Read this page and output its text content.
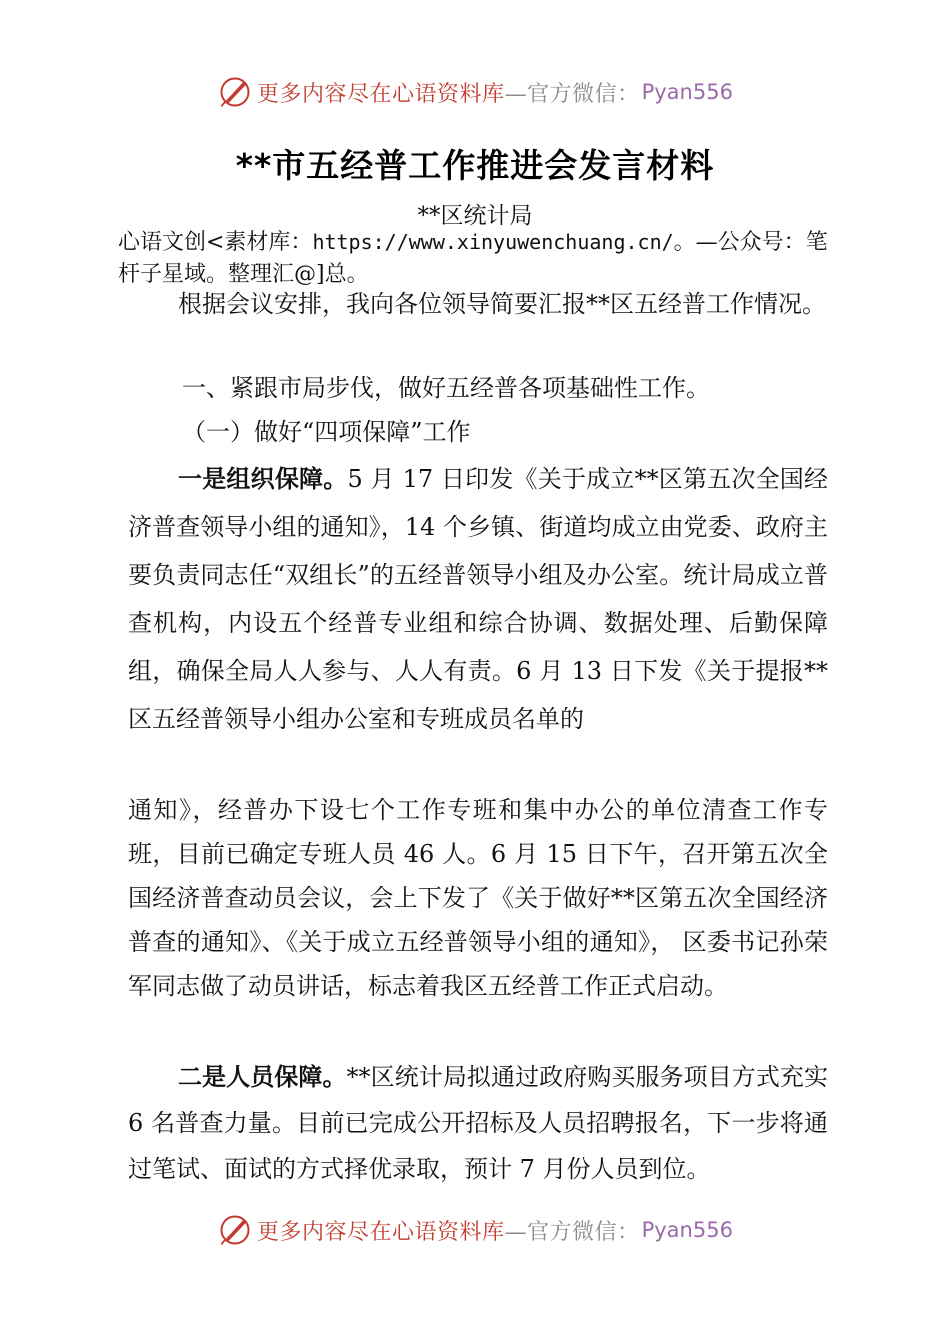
更多内容尽在心语资料库 —官方微信： Pyan556
**市五经普工作推进会发言材料
**区统计局
心语文创<素材库：https://www.xinyuwenchuang.cn/。—公众号：笔杆子星域。整理汇@]总。
根据会议安排，我向各位领导简要汇报**区五经普工作情况。
一、紧跟市局步伐，做好五经普各项基础性工作。
（一）做好“四项保障”工作
一是组织保障。5 月 17 日印发《关于成立**区第五次全国经济普查领导小组的通知》，14 个乡镇、街道均成立由党委、政府主要负责同志任“双组长”的五经普领导小组及办公室。统计局成立普查机构，内设五个经普专业组和综合协调、数据处理、后勤保障组，确保全局人人参与、人人有责。6 月 13 日下发《关于提报**区五经普领导小组办公室和专班成员名单的
通知》，经普办下设七个工作专班和集中办公的单位清查工作专班，目前已确定专班人员 46 人。6 月 15 日下午，召开第五次全国经济普查动员会议，会上下发了《关于做好**区第五次全国经济普查的通知》、《关于成立五经普领导小组的通知》， 区委书记孙荣军同志做了动员讲话，标志着我区五经普工作正式启动。
二是人员保障。**区统计局拟通过政府购买服务项目方式充实 6 名普查力量。目前已完成公开招标及人员招聘报名，下一步将通过笔试、面试的方式择优录取，预计 7 月份人员到位。
更多内容尽在心语资料库 —官方微信： Pyan556
